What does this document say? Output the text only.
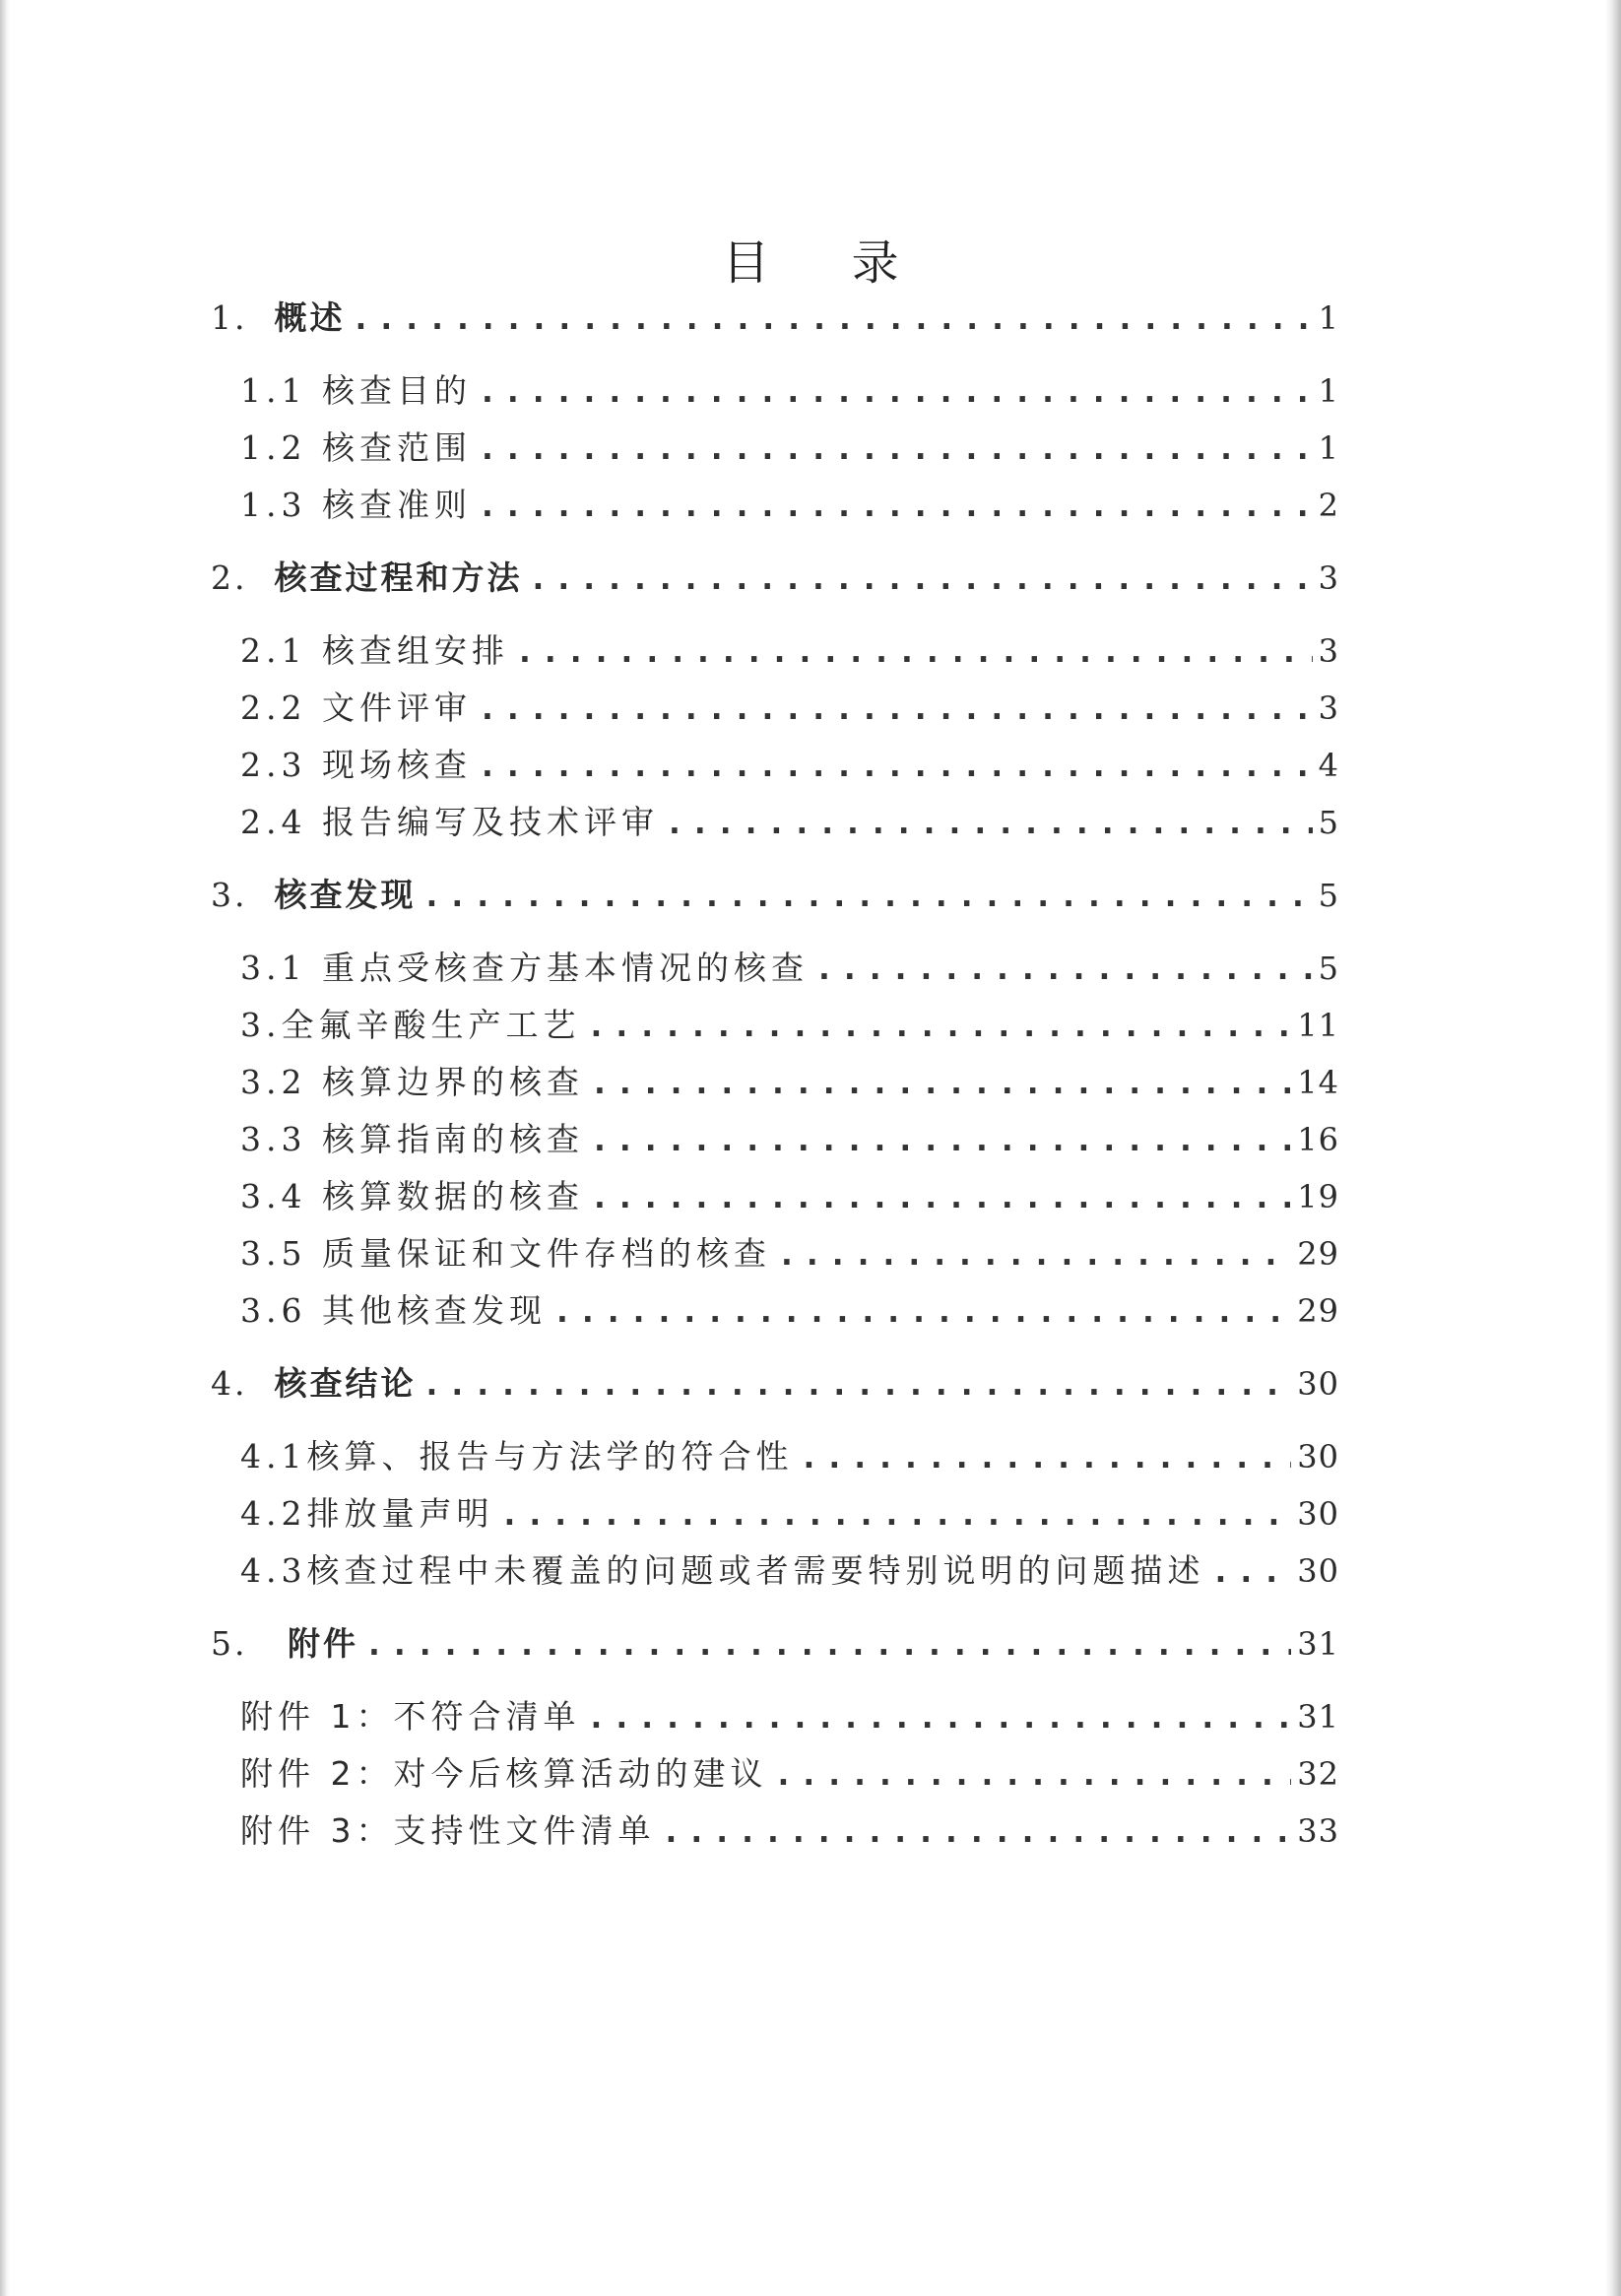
目 录
1. 概述 .....	1
1.1 核查目的 .....	1
1.2 核查范围 .....	1
1.3 核查准则 .....	2
2. 核查过程和方法 .....	3
2.1 核查组安排 .....	3
2.2 文件评审 .....	3
2.3 现场核查 .....	4
2.4 报告编写及技术评审 .....	5
3. 核查发现 .....	5
3.1 重点受核查方基本情况的核查 .....	5
3. 全氟辛酸生产工艺 .....	11
3.2 核算边界的核查 .....	14
3.3 核算指南的核查 .....	16
3.4 核算数据的核查 .....	19
3.5 质量保证和文件存档的核查 .....	29
3.6 其他核查发现 .....	29
4. 核查结论 .....	30
4.1 核算、报告与方法学的符合性 .....	30
4.2 排放量声明 .....	30
4.3 核查过程中未覆盖的问题或者需要特别说明的问题描述 .....	30
5. 附件 .....	31
附件 1：不符合清单 .....	31
附件 2：对今后核算活动的建议 .....	32
附件 3：支持性文件清单 .....	33
